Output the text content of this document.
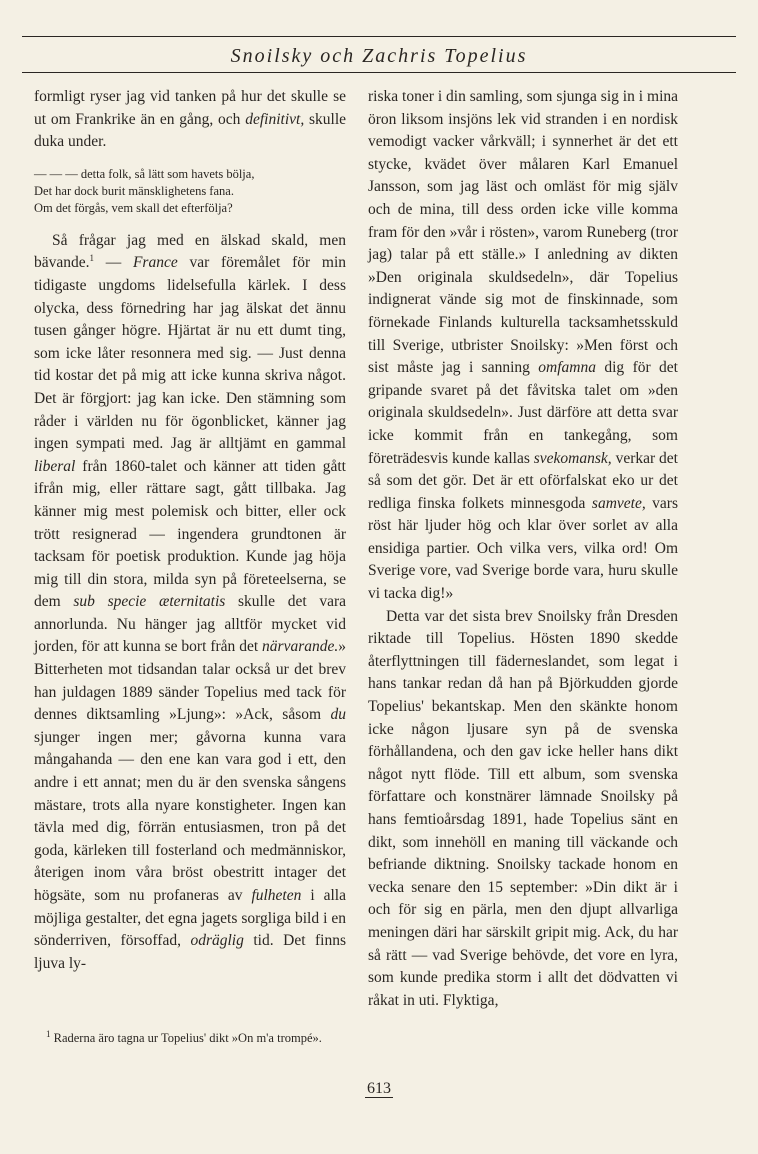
Snoilsky och Zachris Topelius

formligt ryser jag vid tanken på hur det skulle se ut om Frankrike än en gång, och definitivt, skulle duka under.

— — — detta folk, så lätt som havets bölja,
Det har dock burit mänsklighetens fana.
Om det förgås, vem skall det efterfölja?

Så frågar jag med en älskad skald, men bävande.$^1$ — France var föremålet för min tidigaste ungdoms lidelsefulla kärlek. I dess olycka, dess förnedring har jag älskat det ännu tusen gånger högre. Hjärtat är nu ett dumt ting, som icke låter resonnera med sig. — Just denna tid kostar det på mig att icke kunna skriva något. Det är förgjort: jag kan icke. Den stämning som råder i världen nu för ögonblicket, känner jag ingen sympati med. Jag är alltjämt en gammal liberal från 1860-talet och känner att tiden gått ifrån mig, eller rättare sagt, gått tillbaka. Jag känner mig mest polemisk och bitter, eller ock trött resignerad — ingendera grundtonen är tacksam för poetisk produktion. Kunde jag höja mig till din stora, milda syn på företeelserna, se dem sub specie æternitatis skulle det vara annorlunda. Nu hänger jag alltför mycket vid jorden, för att kunna se bort från det närvarande.» Bitterheten mot tidsandan talar också ur det brev han juldagen 1889 sänder Topelius med tack för dennes diktsamling »Ljung»: »Ack, såsom du sjunger ingen mer; gåvorna kunna vara mångahanda — den ene kan vara god i ett, den andre i ett annat; men du är den svenska sångens mästare, trots alla nyare konstigheter. Ingen kan tävla med dig, förrän entusiasmen, tron på det goda, kärleken till fosterland och medmänniskor, återigen inom våra bröst obestritt intager det högsäte, som nu profaneras av fulheten i alla möjliga gestalter, det egna jagets sorgliga bild i en sönderriven, försoffad, odräglig tid. Det finns ljuva ly-

riska toner i din samling, som sjunga sig in i mina öron liksom insjöns lek vid stranden i en nordisk vemodigt vacker vårkväll; i synnerhet är det ett stycke, kvädet över målaren Karl Emanuel Jansson, som jag läst och omläst för mig själv och de mina, till dess orden icke ville komma fram för den »vår i rösten», varom Runeberg (tror jag) talar på ett ställe.» I anledning av dikten »Den originala skuldsedeln», där Topelius indignerat vände sig mot de finskinnade, som förnekade Finlands kulturella tacksamhetsskuld till Sverige, utbrister Snoilsky: »Men först och sist måste jag i sanning omfamna dig för det gripande svaret på det fåvitska talet om »den originala skuldsedeln». Just därföre att detta svar icke kommit från en tankegång, som företrädesvis kunde kallas svekomansk, verkar det så som det gör. Det är ett oförfalskat eko ur det redliga finska folkets minnesgoda samvete, vars röst här ljuder hög och klar över sorlet av alla ensidiga partier. Och vilka vers, vilka ord! Om Sverige vore, vad Sverige borde vara, huru skulle vi tacka dig!»

Detta var det sista brev Snoilsky från Dresden riktade till Topelius. Hösten 1890 skedde återflyttningen till fäderneslandet, som legat i hans tankar redan då han på Björkudden gjorde Topelius' bekantskap. Men den skänkte honom icke någon ljusare syn på de svenska förhållandena, och den gav icke heller hans dikt något nytt flöde. Till ett album, som svenska författare och konstnärer lämnade Snoilsky på hans femtioårsdag 1891, hade Topelius sänt en dikt, som innehöll en maning till väckande och befriande diktning. Snoilsky tackade honom en vecka senare den 15 september: »Din dikt är i och för sig en pärla, men den djupt allvarliga meningen däri har särskilt gripit mig. Ack, du har så rätt — vad Sverige behövde, det vore en lyra, som kunde predika storm i allt det dödvatten vi råkat in uti. Flyktiga,

$^1$ Raderna äro tagna ur Topelius' dikt »On m'a trompé».
613
